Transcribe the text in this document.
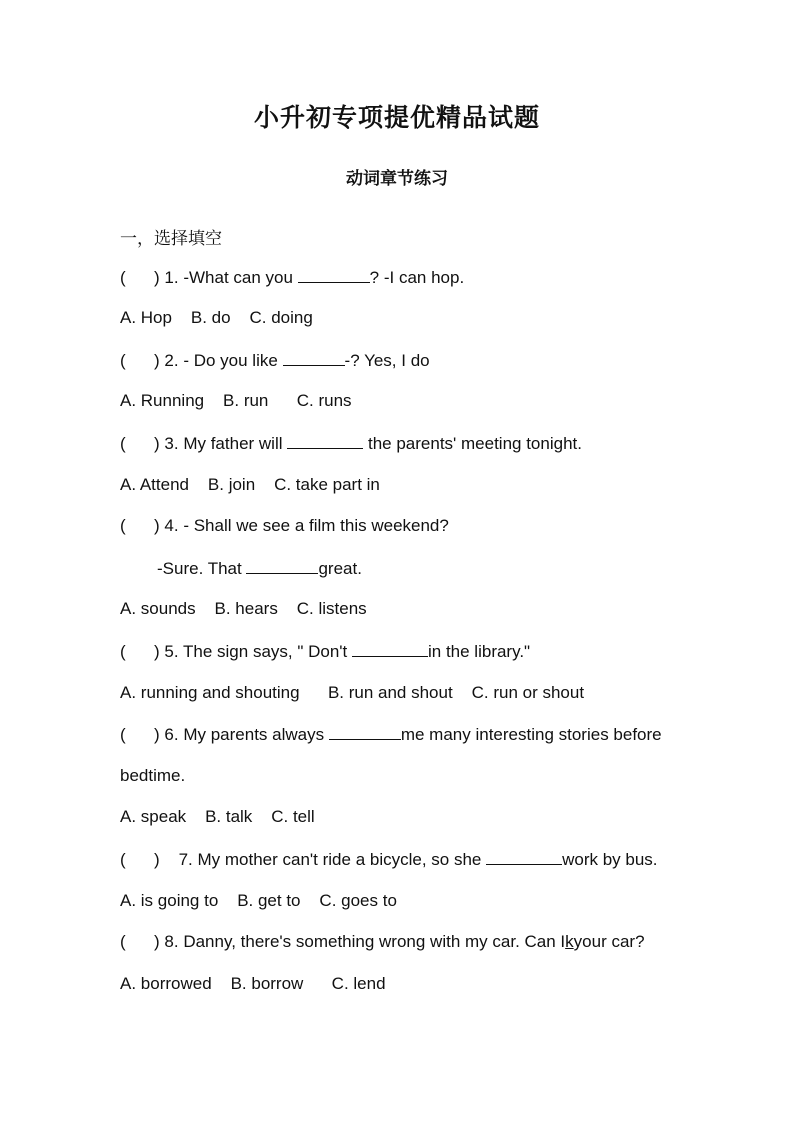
小升初专项提优精品试题
动词章节练习
一，选择填空
(      ) 1. -What can you	? -I can hop.
A. Hop B. do C. doing
(      ) 2. - Do you like	-? Yes, I do
A. Running B. run C. runs
(      ) 3. My father will	the parents' meeting tonight.
A. Attend B. join C. take part in
(      ) 4. - Shall we see a film this weekend?
-Sure. That	great.
A. sounds B. hears C. listens
(      ) 5. The sign says, " Don't	in the library."
A. running and shouting B. run and shout C. run or shout
(      ) 6. My parents always	me many interesting stories before
bedtime.
A. speak B. talk C. tell
(      ) 7. My mother can't ride a bicycle, so she	work by bus.
A. is going to B. get to C. goes to
(      ) 8. Danny, there's something wrong with my car. Can Ikyour car?
A. borrowed B. borrow C. lend
